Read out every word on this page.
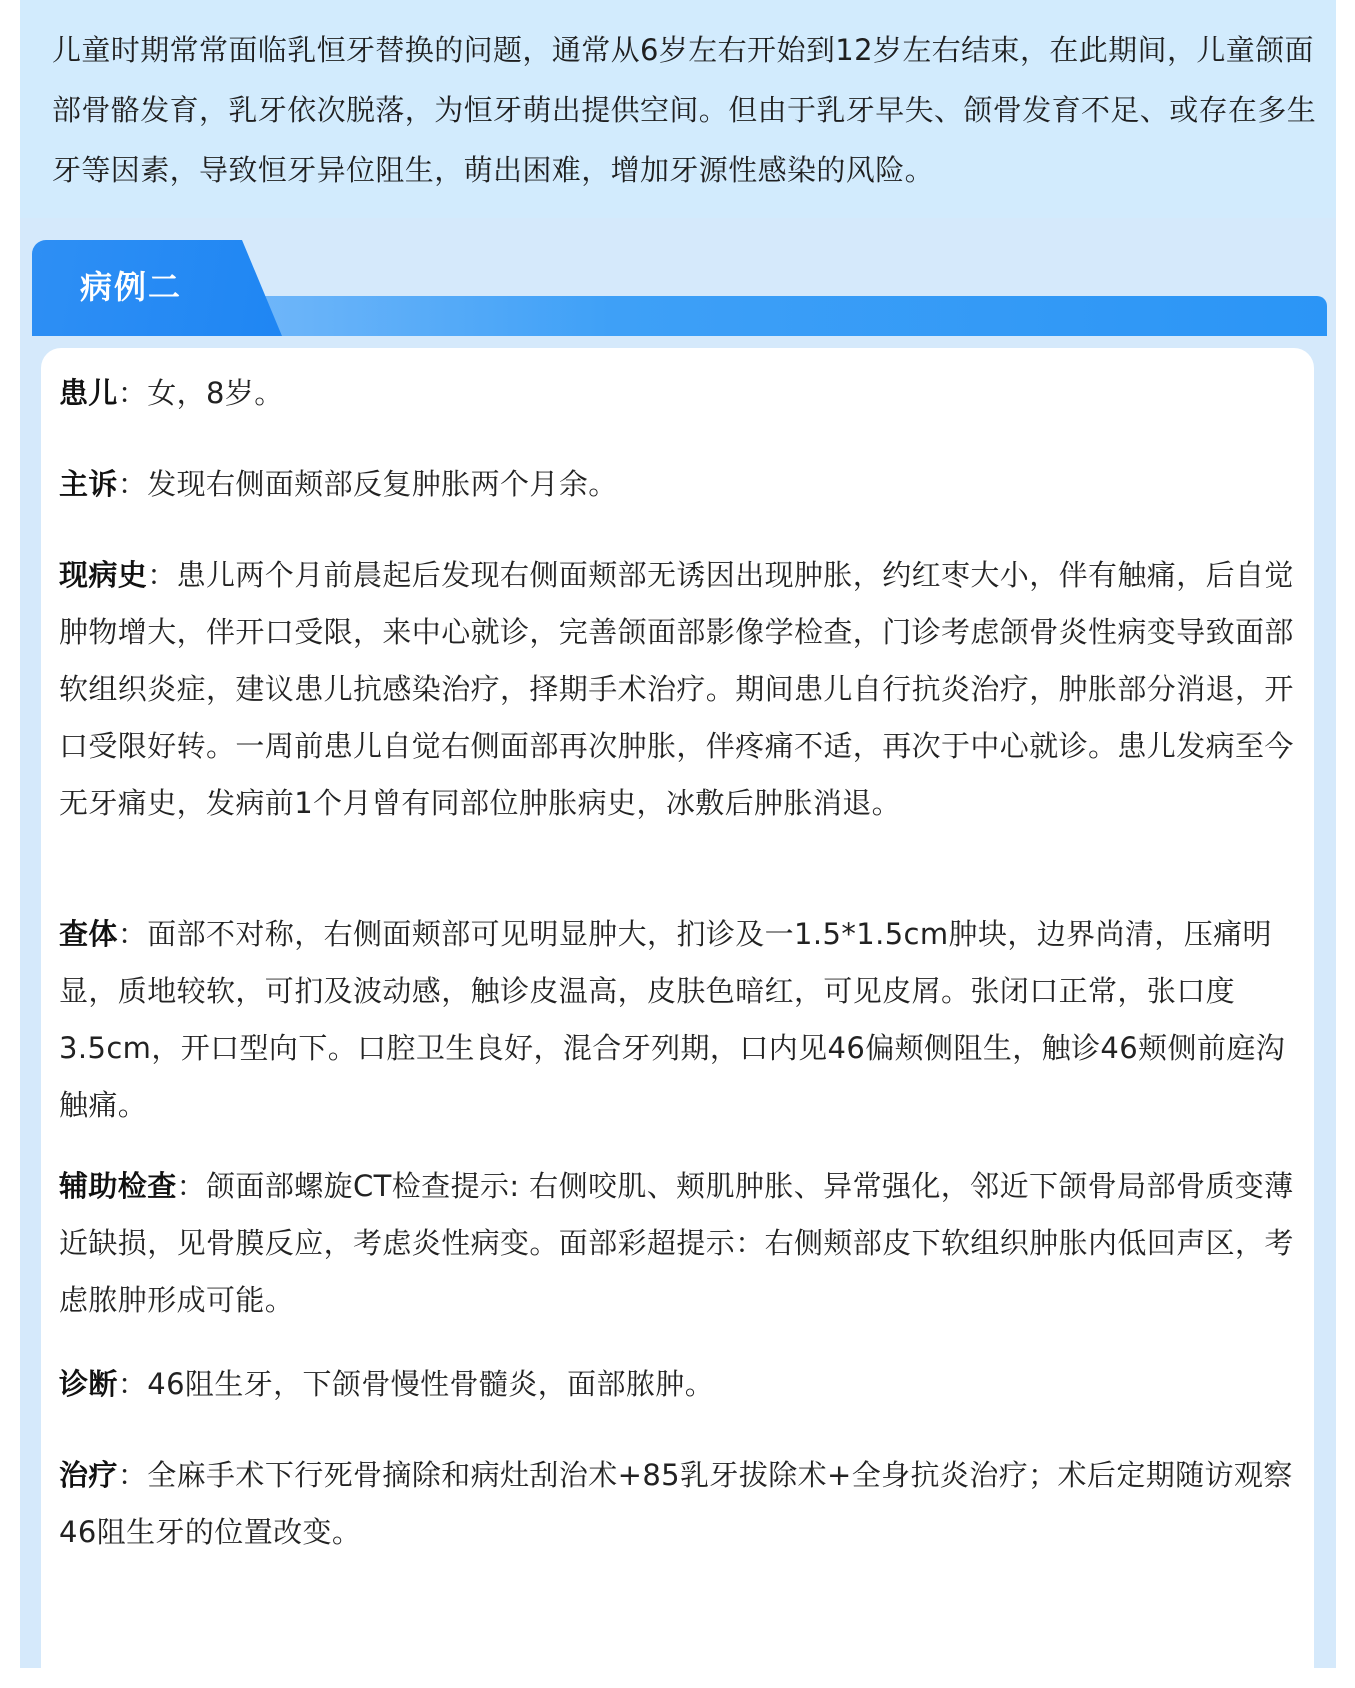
儿童时期常常面临乳恒牙替换的问题，通常从6岁左右开始到12岁左右结束，在此期间，儿童颌面部骨骼发育，乳牙依次脱落，为恒牙萌出提供空间。但由于乳牙早失、颌骨发育不足、或存在多生牙等因素，导致恒牙异位阻生，萌出困难，增加牙源性感染的风险。

病例二

患儿：女，8岁。

主诉：发现右侧面颊部反复肿胀两个月余。

现病史：患儿两个月前晨起后发现右侧面颊部无诱因出现肿胀，约红枣大小，伴有触痛，后自觉肿物增大，伴开口受限，来中心就诊，完善颌面部影像学检查，门诊考虑颌骨炎性病变导致面部软组织炎症，建议患儿抗感染治疗，择期手术治疗。期间患儿自行抗炎治疗，肿胀部分消退，开口受限好转。一周前患儿自觉右侧面部再次肿胀，伴疼痛不适，再次于中心就诊。患儿发病至今无牙痛史，发病前1个月曾有同部位肿胀病史，冰敷后肿胀消退。

查体：面部不对称，右侧面颊部可见明显肿大，扪诊及一1.5*1.5cm肿块，边界尚清，压痛明显，质地较软，可扪及波动感，触诊皮温高，皮肤色暗红，可见皮屑。张闭口正常，张口度3.5cm，开口型向下。口腔卫生良好，混合牙列期，口内见46偏颊侧阻生，触诊46颊侧前庭沟触痛。

辅助检查：颌面部螺旋CT检查提示: 右侧咬肌、颊肌肿胀、异常强化，邻近下颌骨局部骨质变薄近缺损，见骨膜反应，考虑炎性病变。面部彩超提示：右侧颊部皮下软组织肿胀内低回声区，考虑脓肿形成可能。

诊断：46阻生牙，下颌骨慢性骨髓炎，面部脓肿。

治疗：全麻手术下行死骨摘除和病灶刮治术+85乳牙拔除术+全身抗炎治疗；术后定期随访观察46阻生牙的位置改变。
